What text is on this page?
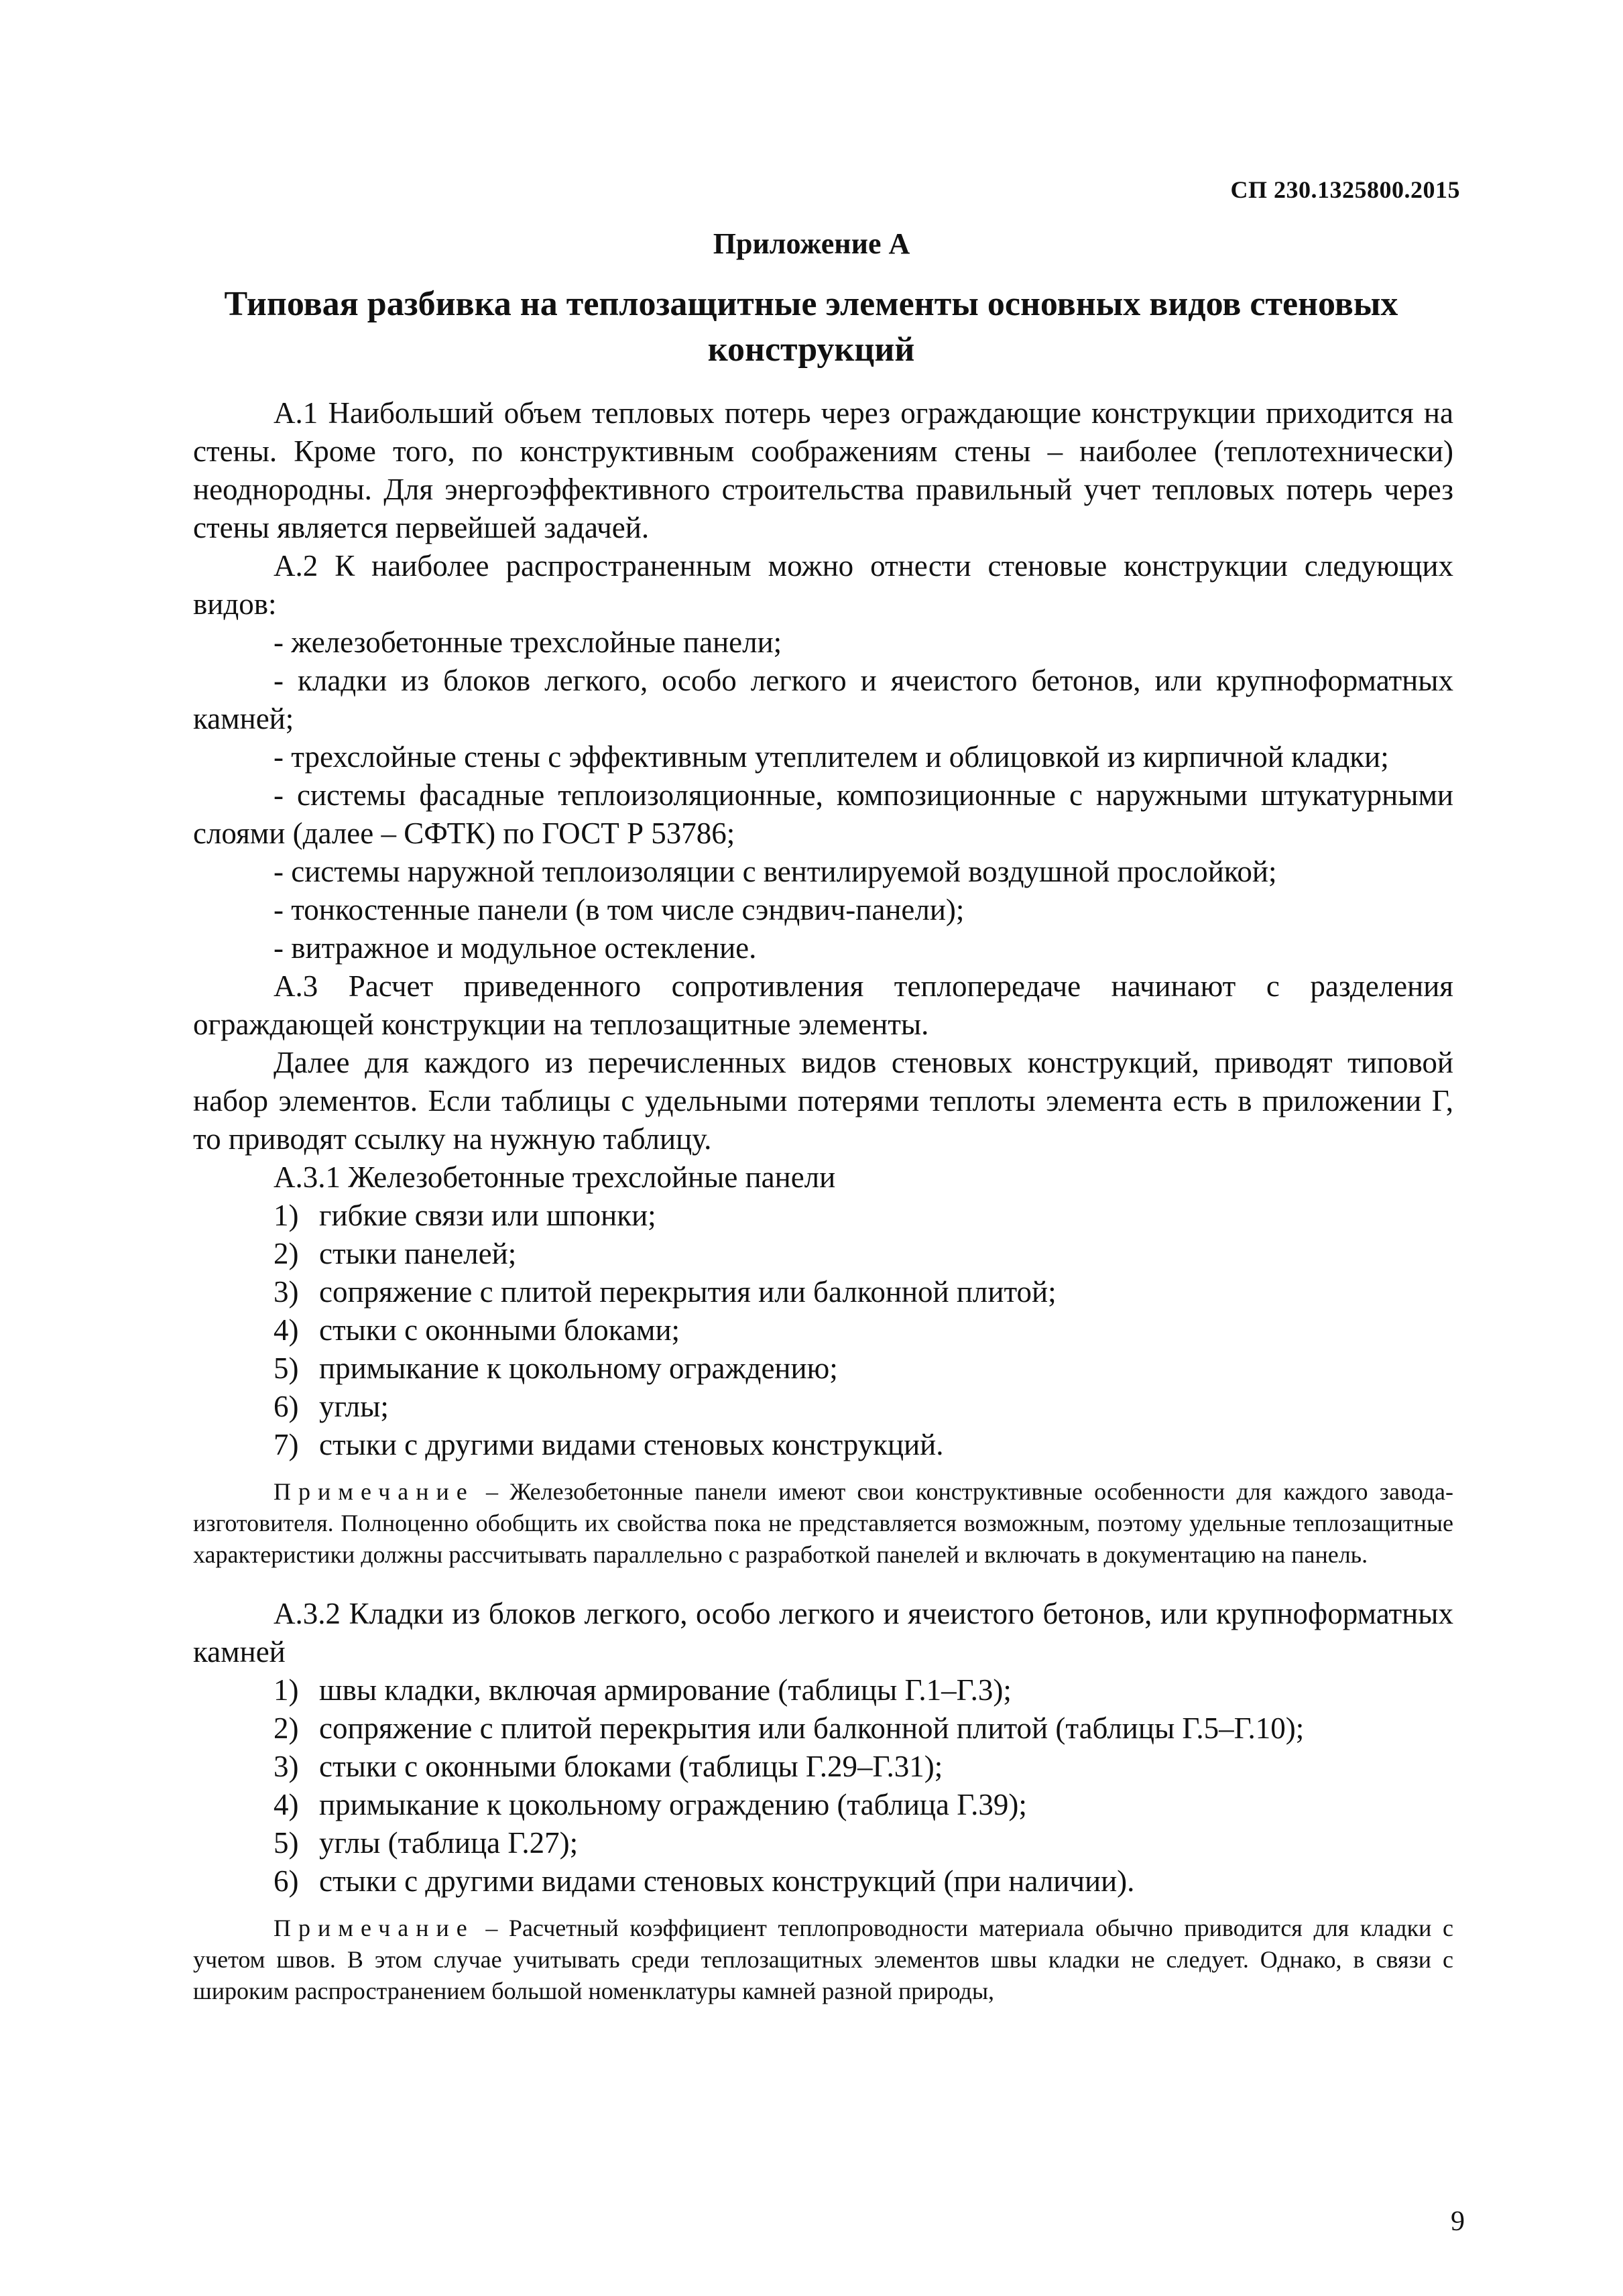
СП 230.1325800.2015
Приложение А
Типовая разбивка на теплозащитные элементы основных видов стеновых конструкций

А.1 Наибольший объем тепловых потерь через ограждающие конструкции приходится на стены. Кроме того, по конструктивным соображениям стены – наиболее (теплотехнически) неоднородны. Для энергоэффективного строительства правильный учет тепловых потерь через стены является первейшей задачей.

А.2 К наиболее распространенным можно отнести стеновые конструкции следующих видов:

- железобетонные трехслойные панели;

- кладки из блоков легкого, особо легкого и ячеистого бетонов, или крупноформатных камней;

- трехслойные стены с эффективным утеплителем и облицовкой из кирпичной кладки;

- системы фасадные теплоизоляционные, композиционные с наружными штукатурными слоями (далее – СФТК) по ГОСТ Р 53786;

- системы наружной теплоизоляции с вентилируемой воздушной прослойкой;

- тонкостенные панели (в том числе сэндвич-панели);

- витражное и модульное остекление.

А.3 Расчет приведенного сопротивления теплопередаче начинают с разделения ограждающей конструкции на теплозащитные элементы.

Далее для каждого из перечисленных видов стеновых конструкций, приводят типовой набор элементов. Если таблицы с удельными потерями теплоты элемента есть в приложении Г, то приводят ссылку на нужную таблицу.

А.3.1 Железобетонные трехслойные панели

1) гибкие связи или шпонки;

2) стыки панелей;

3) сопряжение с плитой перекрытия или балконной плитой;

4) стыки с оконными блоками;

5) примыкание к цокольному ограждению;

6) углы;

7) стыки с другими видами стеновых конструкций.

Примечание – Железобетонные панели имеют свои конструктивные особенности для каждого завода-изготовителя. Полноценно обобщить их свойства пока не представляется возможным, поэтому удельные теплозащитные характеристики должны рассчитывать параллельно с разработкой панелей и включать в документацию на панель.

А.3.2 Кладки из блоков легкого, особо легкого и ячеистого бетонов, или крупноформатных камней

1) швы кладки, включая армирование (таблицы Г.1–Г.3);

2) сопряжение с плитой перекрытия или балконной плитой (таблицы Г.5–Г.10);

3) стыки с оконными блоками (таблицы Г.29–Г.31);

4) примыкание к цокольному ограждению (таблица Г.39);

5) углы (таблица Г.27);

6) стыки с другими видами стеновых конструкций (при наличии).

Примечание – Расчетный коэффициент теплопроводности материала обычно приводится для кладки с учетом швов. В этом случае учитывать среди теплозащитных элементов швы кладки не следует. Однако, в связи с широким распространением большой номенклатуры камней разной природы,

9
